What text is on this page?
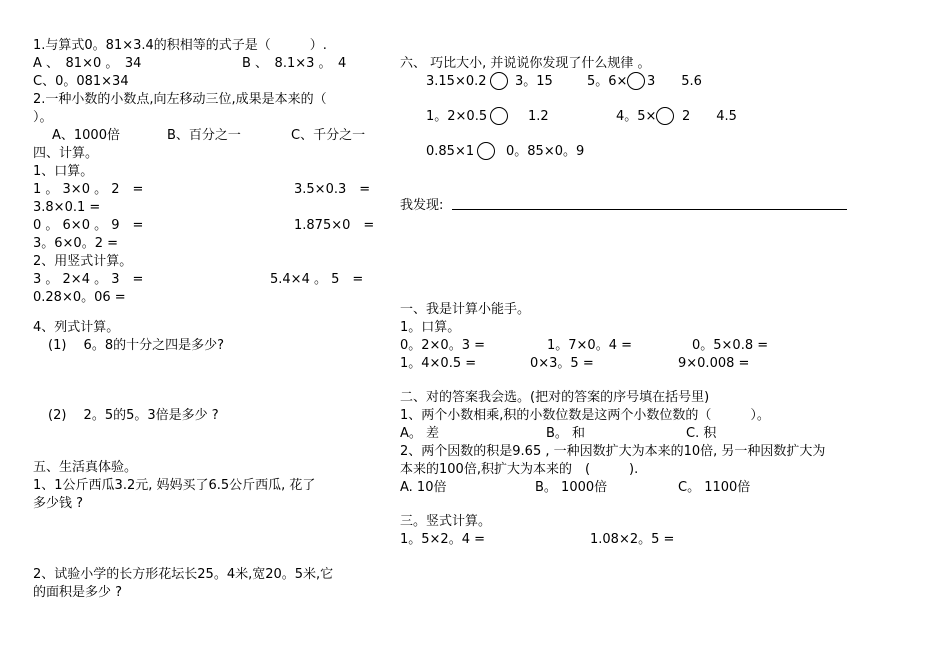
1.与算式0。81×3.4的积相等的式子是（　　　）.
A 、　81×0 。　34	B 、　8.1×3 。　4
C、0。081×34
2.一种小数的小数点,向左移动三位,成果是本来的（
）。
A、1000倍	B、百分之一	C、千分之一
四、计算。
1、口算。
1 。 3×0 。 2　=	3.5×0.3　=
3.8×0.1 =
0 。 6×0 。 9　=	1.875×0　=
3。6×0。2 =
2、用竖式计算。
3 。 2×4 。 3　=	5.4×4 。 5　=
0.28×0。06 =
4、列式计算。
(1)　 6。8的十分之四是多少?
(2)　 2。5的5。3倍是多少 ?
五、生活真体验。
1、1公斤西瓜3.2元, 妈妈买了6.5公斤西瓜, 花了
多少钱 ?
2、试验小学的长方形花坛长25。4米,宽20。5米,它
的面积是多少 ?
六、 巧比大小, 并说说你发现了什么规律 。
3.15×0.2 3。15	5。6× 3　　5.6
1。2×0.5	1.2	4。5× 2　　4.5
0.85×1 0。85×0。9
我发现:
一、我是计算小能手。
1。口算。
0。2×0。3 =	1。7×0。4 =	0。5×0.8 =
1。4×0.5 =	0×3。5 =	9×0.008 =
二、对的答案我会选。(把对的答案的序号填在括号里)
1、两个小数相乘,积的小数位数是这两个小数位数的（　　　）。
A。 差	B。 和	C. 积
2、两个因数的积是9.65 , 一种因数扩大为本来的10倍, 另一种因数扩大为
本来的100倍,积扩大为本来的　(　　　).
A. 10倍	B。 1000倍	C。 1100倍
三。竖式计算。
1。5×2。4 =	1.08×2。5 =
